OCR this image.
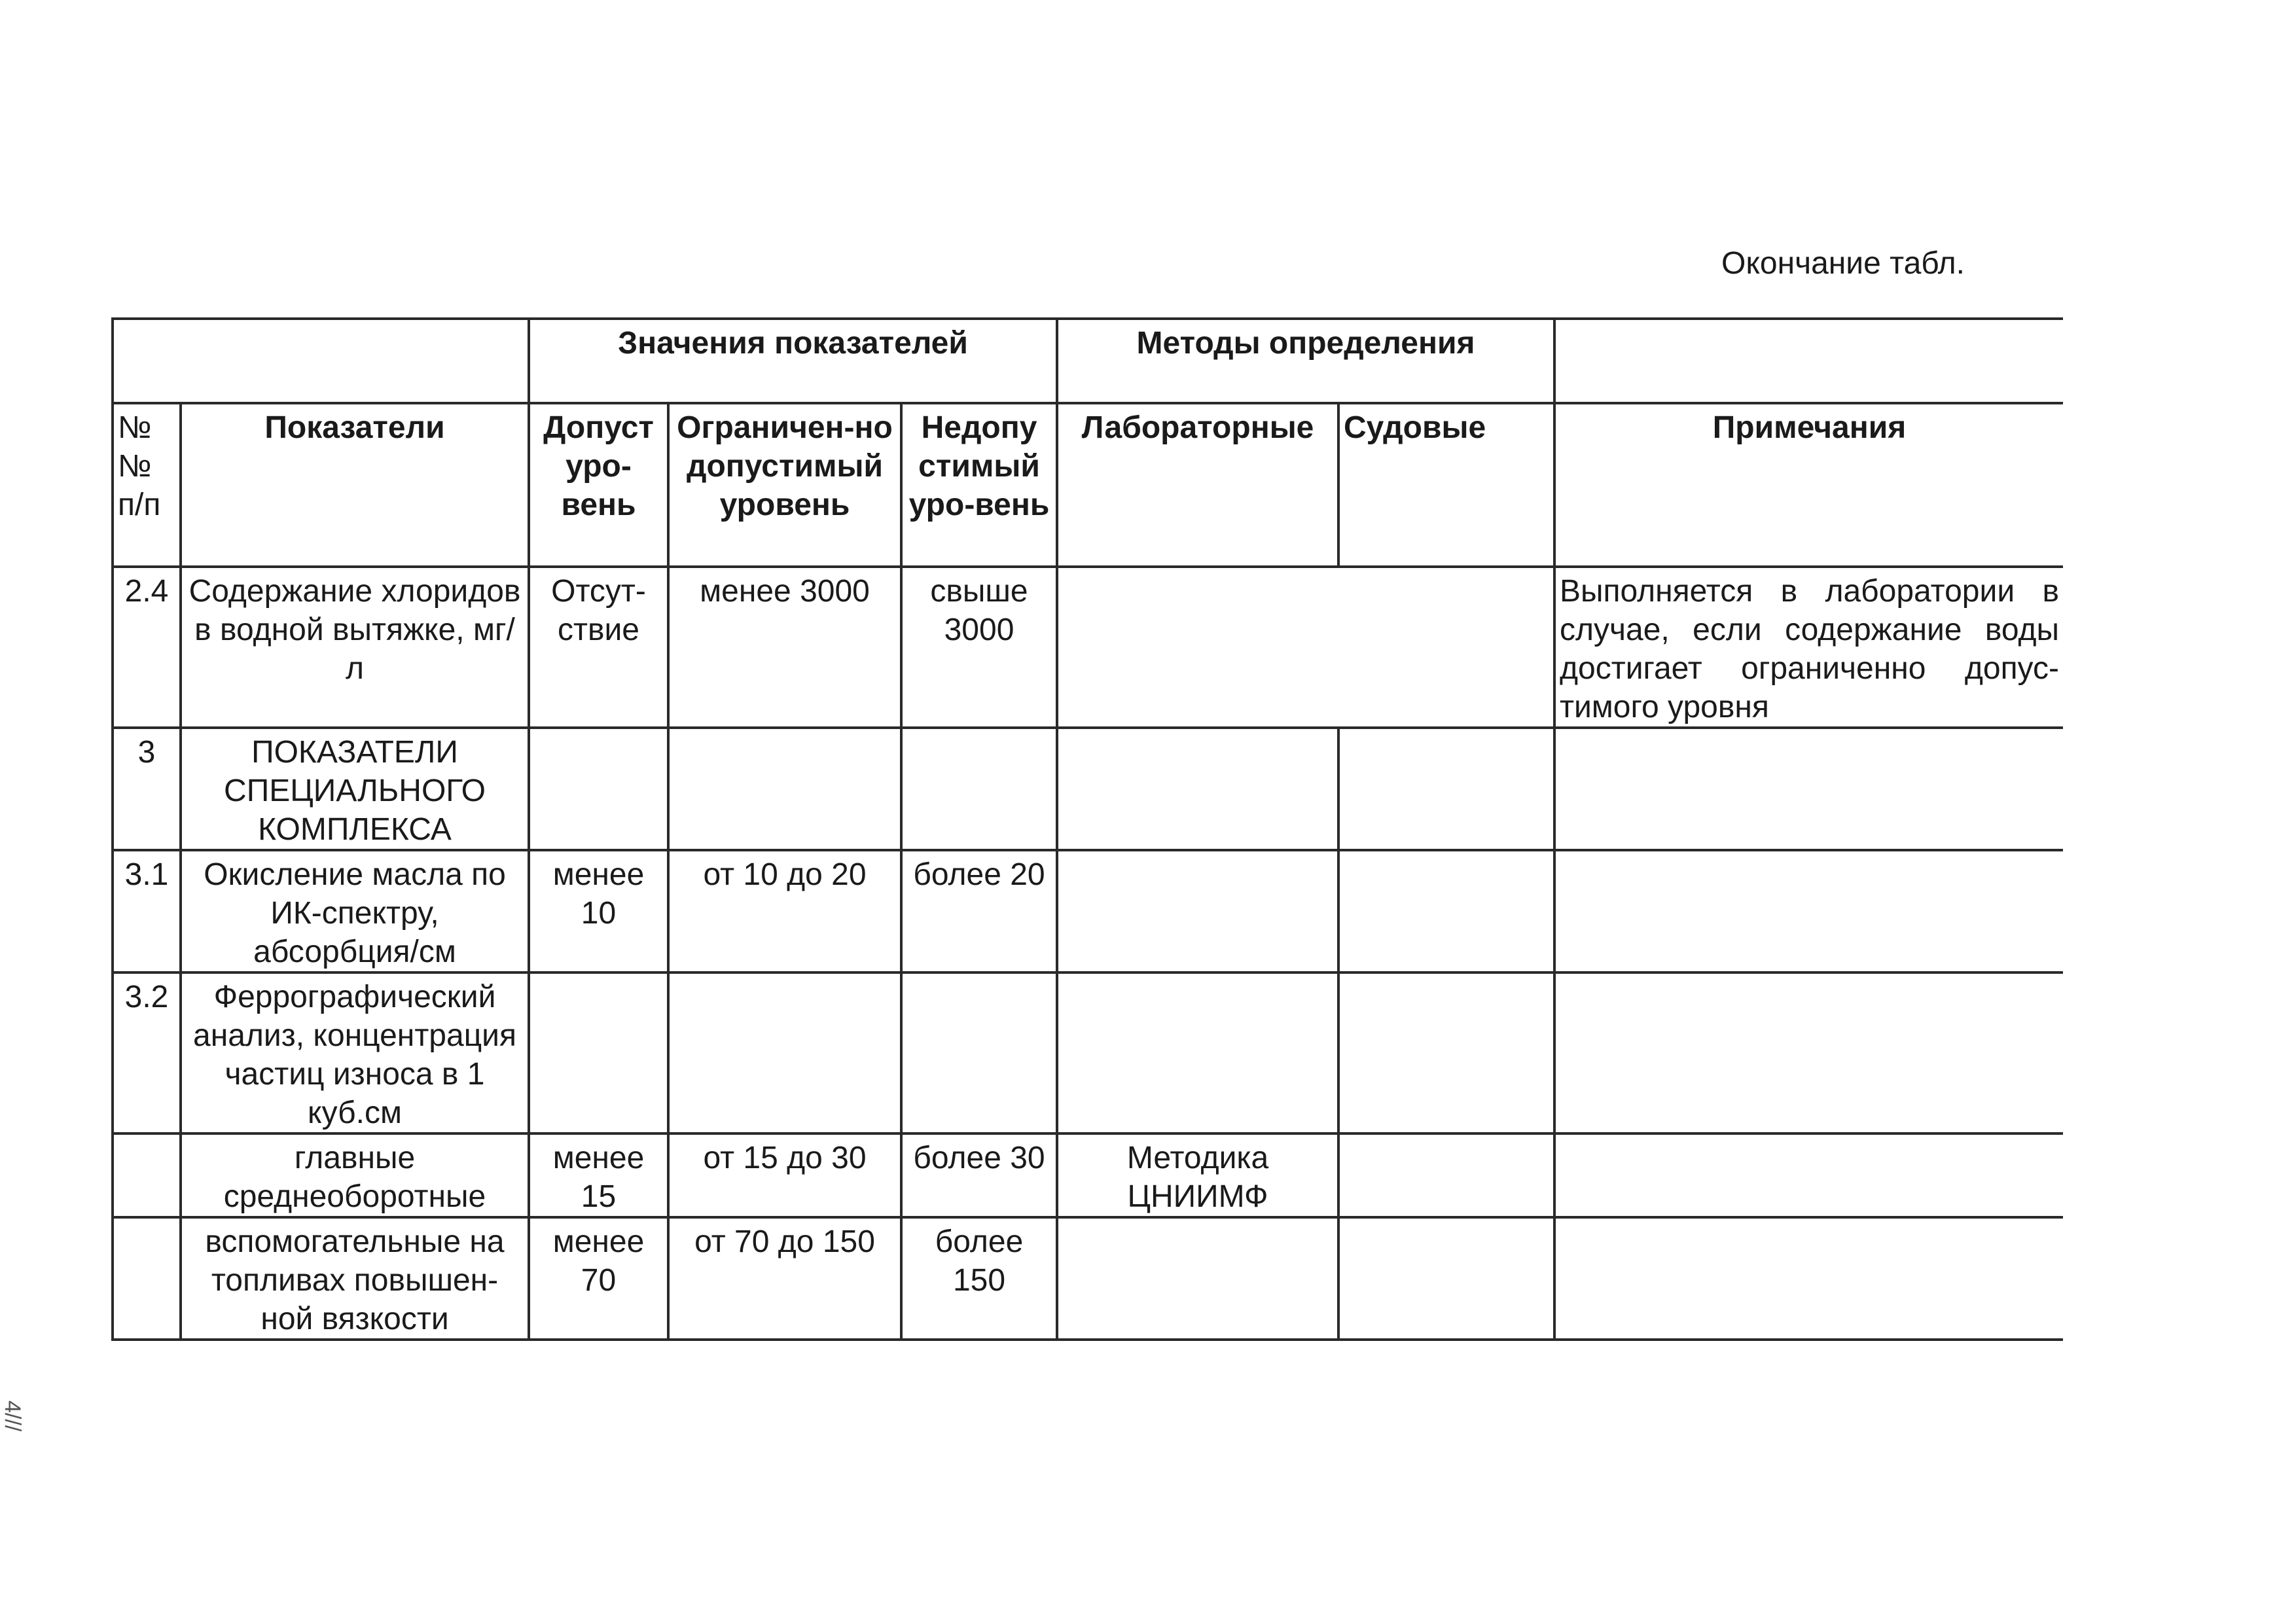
Окончание табл.
		Значения показателей			Методы определения		
№ № п/п	Показатели	Допуст уро-вень	Ограничен-но допустимый уровень	Недопу стимый уро-вень	Лабораторные	Судовые	Примечания
2.4	Содержание хлоридов в водной вытяжке, мг/л	Отсут-ствие	менее 3000	свыше 3000			Выполняется в лаборатории в случае, если содержание воды достигает ограниченно допус-тимого уровня
3	ПОКАЗАТЕЛИ СПЕЦИАЛЬНОГО КОМПЛЕКСА						
3.1	Окисление масла по ИК-спектру, абсорбция/см	менее 10	от 10 до 20	более 20			
3.2	Феррографический анализ, концентрация частиц износа в 1 куб.см						
	главные среднеоборотные	менее 15	от 15 до 30	более 30	Методика ЦНИИМФ		
	вспомогательные на топливах повышен-ной вязкости	менее 70	от 70 до 150	более 150			
4///
